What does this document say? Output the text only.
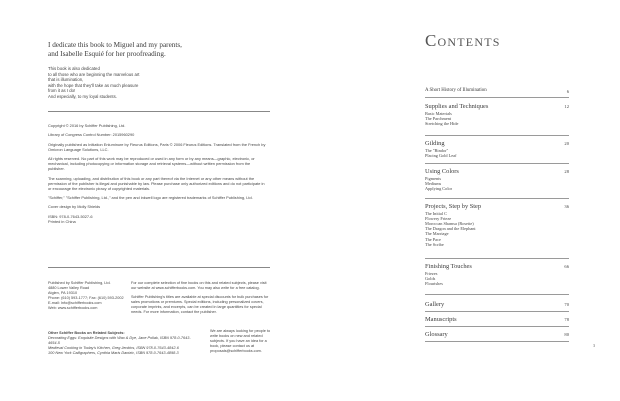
I dedicate this book to Miguel and my parents,
and Isabelle Esquié for her proofreading.
This book is also dedicated
to all those who are beginning the marvelous art
that is illumination,
with the hope that they'll take as much pleasure
from it as I do!
And especially, to my loyal students.

Copyright © 2016 by Schiffer Publishing, Ltd.

Library of Congress Control Number: 2015960290

Originally published as Initiation Enluminure by Fleurus Editions, Paris © 2006 Fleurus Editions. Translated from the French by Omicron Language Solutions, LLC.

All rights reserved. No part of this work may be reproduced or used in any form or by any means—graphic, electronic, or mechanical, including photocopying or information storage and retrieval systems—without written permission from the publisher.

The scanning, uploading, and distribution of this book or any part thereof via the Internet or any other means without the permission of the publisher is illegal and punishable by law. Please purchase only authorized editions and do not participate in or encourage the electronic piracy of copyrighted materials.

"Schiffer," "Schiffer Publishing, Ltd.," and the pen and inkwell logo are registered trademarks of Schiffer Publishing, Ltd.

Cover design by Molly Shields

ISBN: 978-0-7643-5027-6
Printed in China

Published by Schiffer Publishing, Ltd.
4880 Lower Valley Road
Atglen, PA 19310
Phone: (610) 593-1777; Fax: (610) 593-2002
E-mail: Info@schifferbooks.com
Web: www.schifferbooks.com

For our complete selection of fine books on this and related subjects, please visit our website at www.schifferbooks.com. You may also write for a free catalog.

Schiffer Publishing's titles are available at special discounts for bulk purchases for sales promotions or premiums. Special editions, including personalized covers, corporate imprints, and excerpts, can be created in large quantities for special needs. For more information, contact the publisher.

Other Schiffer Books on Related Subjects:
Decorating Eggs: Exquisite Designs with Wax & Dye, Jane Pollak, ISBN 978-0-7643-4654-5
Medieval Cooking in Today's Kitchen, Greg Jenkins, ISBN 978-0-7643-4842-6
100 New York Calligraphers, Cynthia Maris Dantzic, ISBN 978-0-7643-4898-3

We are always looking for people to write books on new and related subjects. If you have an idea for a book, please contact us at proposals@schifferbooks.com.

Contents
A Short History of Illumination	6
Supplies and Techniques	12
Basic Materials
The Parchment
Stretching the Hide
Gilding	20
The "Bindor"
Placing Gold Leaf
Using Colors	28
Pigments
Mediums
Applying Color
Projects, Step by Step	36
The Initial C
Flowery Frieze
Moroccan Shamsa (Rosette)
The Dragon and the Elephant
The Marriage
The Pace
The Scribe
Finishing Touches	66
Friezes
Golds
Flourishes
Gallery	70
Manuscripts	78
Glossary	80
3
